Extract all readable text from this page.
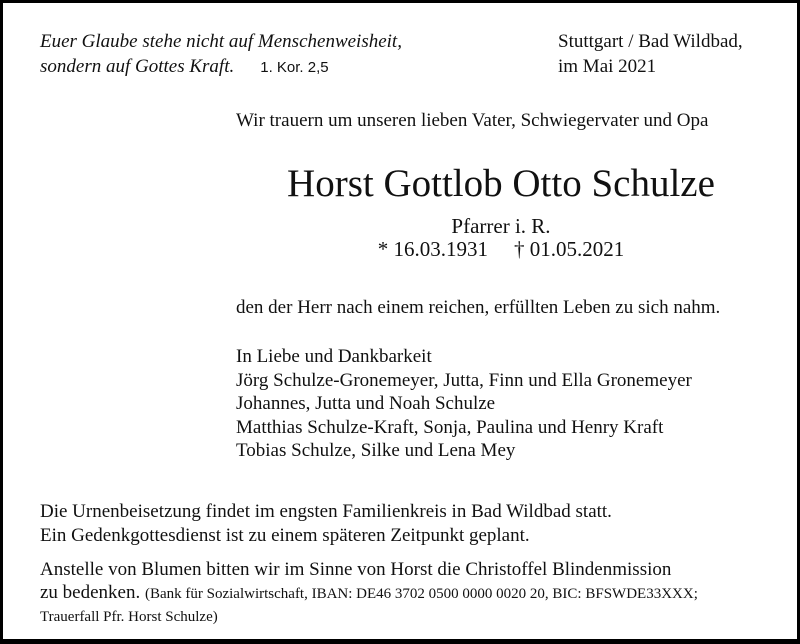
Euer Glaube stehe nicht auf Menschenweisheit,
sondern auf Gottes Kraft. 1. Kor. 2,5
Stuttgart / Bad Wildbad,
im Mai 2021
Wir trauern um unseren lieben Vater, Schwiegervater und Opa
Horst Gottlob Otto Schulze
Pfarrer i. R.
* 16.03.1931 † 01.05.2021
den der Herr nach einem reichen, erfüllten Leben zu sich nahm.
In Liebe und Dankbarkeit
Jörg Schulze-Gronemeyer, Jutta, Finn und Ella Gronemeyer
Johannes, Jutta und Noah Schulze
Matthias Schulze-Kraft, Sonja, Paulina und Henry Kraft
Tobias Schulze, Silke und Lena Mey
Die Urnenbeisetzung findet im engsten Familienkreis in Bad Wildbad statt.
Ein Gedenkgottesdienst ist zu einem späteren Zeitpunkt geplant.
Anstelle von Blumen bitten wir im Sinne von Horst die Christoffel Blindenmission
zu bedenken. (Bank für Sozialwirtschaft, IBAN: DE46 3702 0500 0000 0020 20, BIC: BFSWDE33XXX;
Trauerfall Pfr. Horst Schulze)
